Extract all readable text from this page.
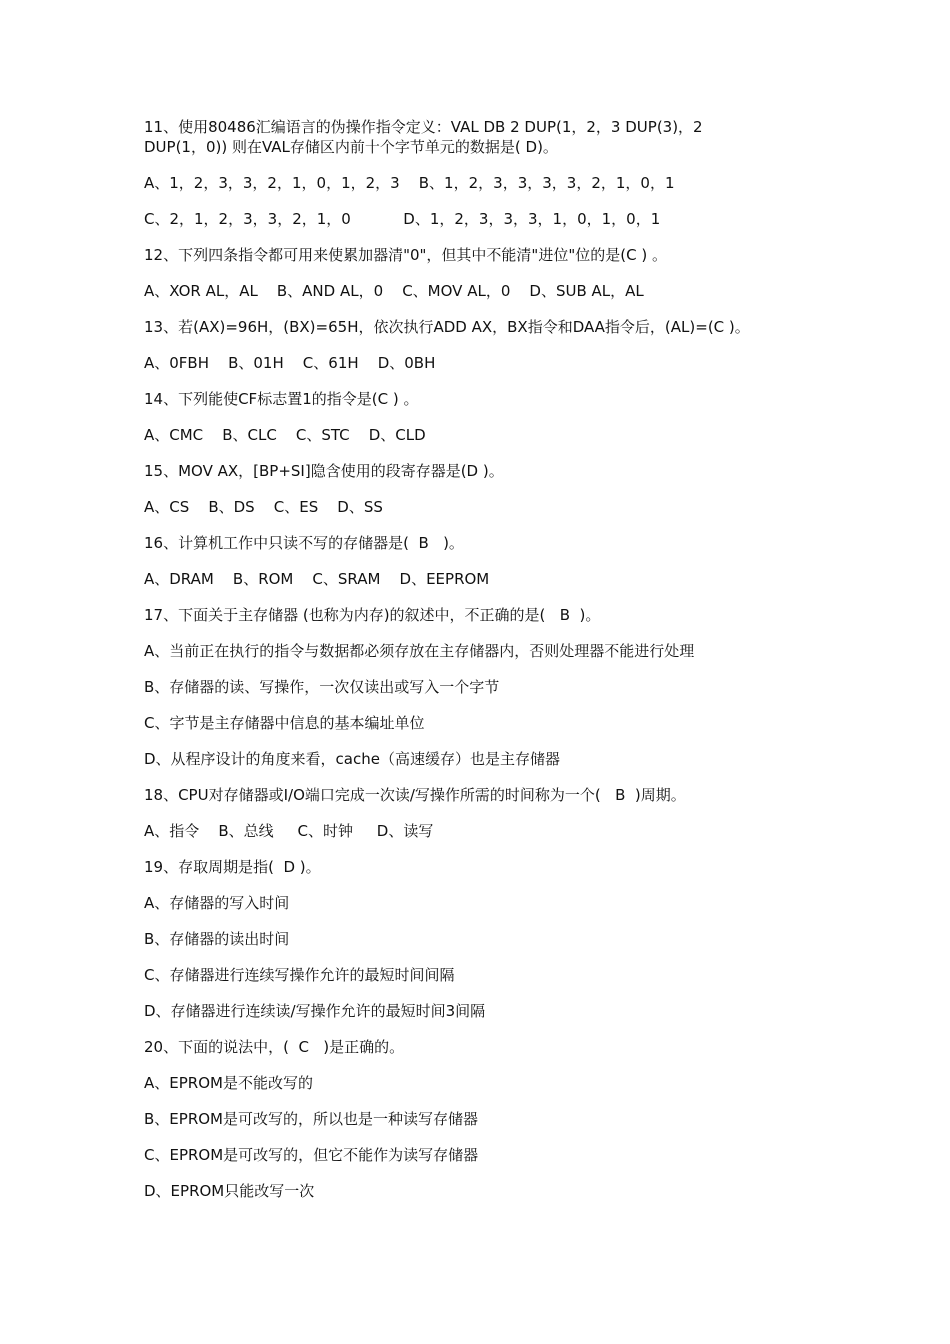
11、使用80486汇编语言的伪操作指令定义：VAL DB 2 DUP(1，2，3 DUP(3)，2
DUP(1，0)) 则在VAL存储区内前十个字节单元的数据是( D)。
A、1，2，3，3，2，1，0，1，2，3    B、1，2，3，3，3，3，2，1，0，1
C、2，1，2，3，3，2，1，0           D、1，2，3，3，3，1，0，1，0，1
12、下列四条指令都可用来使累加器清"0"，但其中不能清"进位"位的是(C ) 。
A、XOR AL，AL    B、AND AL，0    C、MOV AL，0    D、SUB AL，AL
13、若(AX)=96H，(BX)=65H，依次执行ADD AX，BX指令和DAA指令后，(AL)=(C )。
A、0FBH    B、01H    C、61H    D、0BH
14、下列能使CF标志置1的指令是(C ) 。
A、CMC    B、CLC    C、STC    D、CLD
15、MOV AX，[BP+SI]隐含使用的段寄存器是(D )。
A、CS    B、DS    C、ES    D、SS
16、计算机工作中只读不写的存储器是(  B   )。
A、DRAM    B、ROM    C、SRAM    D、EEPROM
17、下面关于主存储器 (也称为内存)的叙述中，不正确的是(   B  )。
A、当前正在执行的指令与数据都必须存放在主存储器内，否则处理器不能进行处理
B、存储器的读、写操作，一次仅读出或写入一个字节
C、字节是主存储器中信息的基本编址单位
D、从程序设计的角度来看，cache（高速缓存）也是主存储器
18、CPU对存储器或I/O端口完成一次读/写操作所需的时间称为一个(   B  )周期。
A、指令    B、总线     C、时钟     D、读写
19、存取周期是指(  D )。
A、存储器的写入时间
B、存储器的读出时间
C、存储器进行连续写操作允许的最短时间间隔
D、存储器进行连续读/写操作允许的最短时间3间隔
20、下面的说法中，(  C   )是正确的。
A、EPROM是不能改写的
B、EPROM是可改写的，所以也是一种读写存储器
C、EPROM是可改写的，但它不能作为读写存储器
D、EPROM只能改写一次
